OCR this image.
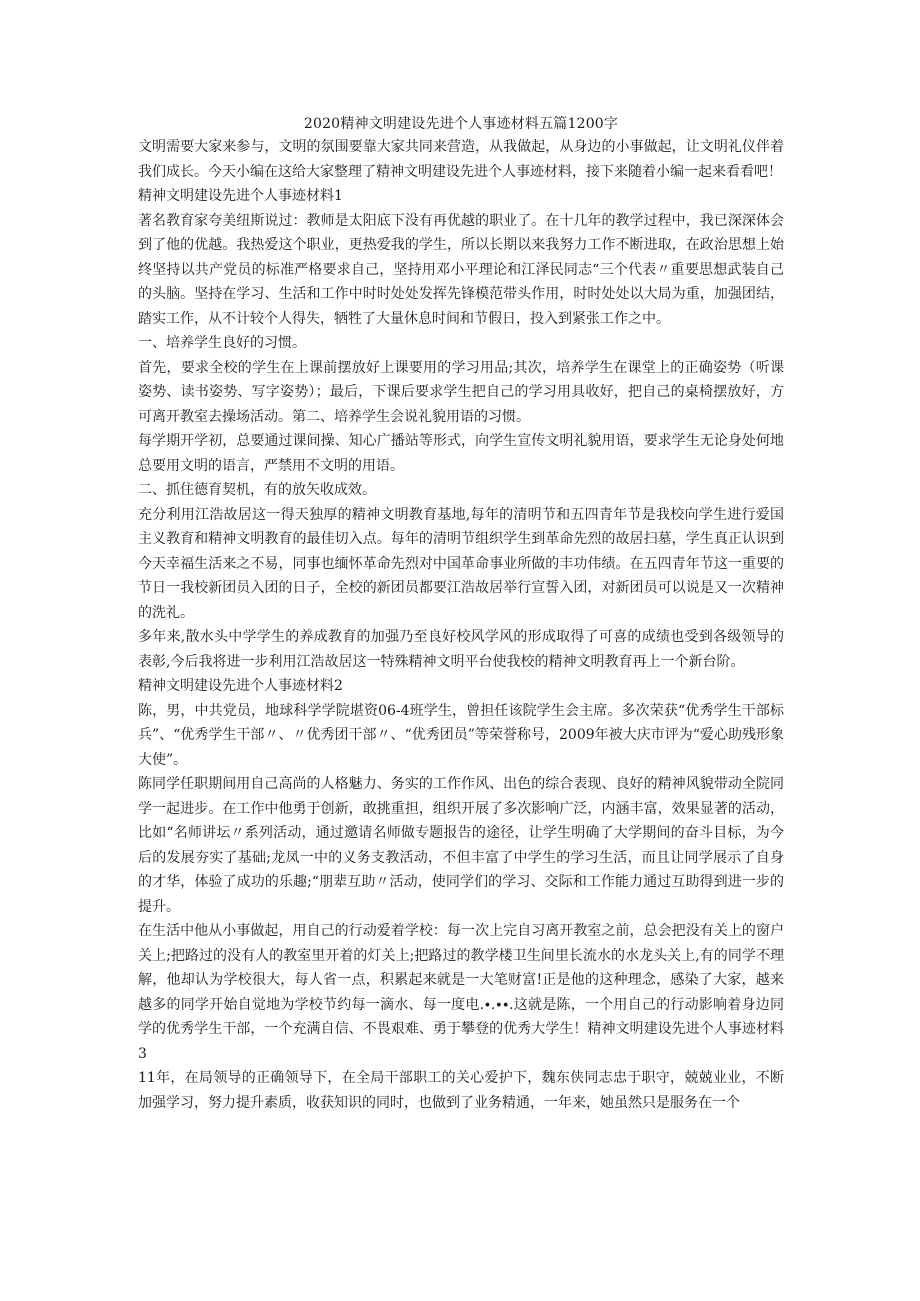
2020精神文明建设先进个人事迹材料五篇1200字

文明需要大家来参与，文明的氛围要靠大家共同来营造，从我做起，从身边的小事做起，让文明礼仪伴着我们成长。今天小编在这给大家整理了精神文明建设先进个人事迹材料，接下来随着小编一起来看看吧！

精神文明建设先进个人事迹材料1

著名教育家夸美纽斯说过：教师是太阳底下没有再优越的职业了。在十几年的教学过程中，我已深深体会到了他的优越。我热爱这个职业，更热爱我的学生，所以长期以来我努力工作不断进取，在政治思想上始终坚持以共产党员的标准严格要求自己，坚持用邓小平理论和江泽民同志“三个代表〃重要思想武装自己的头脑。坚持在学习、生活和工作中时时处处发挥先锋模范带头作用，时时处处以大局为重，加强团结，踏实工作，从不计较个人得失，牺牲了大量休息时间和节假日，投入到紧张工作之中。

一、培养学生良好的习惯。

首先，要求全校的学生在上课前摆放好上课要用的学习用品;其次，培养学生在课堂上的正确姿势（听课姿势、读书姿势、写字姿势）；最后，下课后要求学生把自己的学习用具收好，把自己的桌椅摆放好，方可离开教室去操场活动。第二、培养学生会说礼貌用语的习惯。

每学期开学初，总要通过课间操、知心广播站等形式，向学生宣传文明礼貌用语，要求学生无论身处何地总要用文明的语言，严禁用不文明的用语。

二、抓住德育契机，有的放矢收成效。

充分利用江浩故居这一得天独厚的精神文明教育基地,每年的清明节和五四青年节是我校向学生进行爱国主义教育和精神文明教育的最佳切入点。每年的清明节组织学生到革命先烈的故居扫墓，学生真正认识到今天幸福生活来之不易，同事也缅怀革命先烈对中国革命事业所做的丰功伟绩。在五四青年节这一重要的节日一我校新团员入团的日子，全校的新团员都要江浩故居举行宣誓入团，对新团员可以说是又一次精神的洗礼。

多年来,散水头中学学生的养成教育的加强乃至良好校风学风的形成取得了可喜的成绩也受到各级领导的表彰,今后我将进一步利用江浩故居这一特殊精神文明平台使我校的精神文明教育再上一个新台阶。

精神文明建设先进个人事迹材料2

陈，男，中共党员，地球科学学院堪资06-4班学生，曾担任该院学生会主席。多次荣获“优秀学生干部标兵”、“优秀学生干部〃、〃优秀团干部〃、“优秀团员”等荣誉称号，2009年被大庆市评为“爱心助残形象大使”。

陈同学任职期间用自己高尚的人格魅力、务实的工作作风、出色的综合表现、良好的精神风貌带动全院同学一起进步。在工作中他勇于创新，敢挑重担，组织开展了多次影响广泛，内涵丰富，效果显著的活动，比如“名师讲坛〃系列活动，通过邀请名师做专题报告的途径，让学生明确了大学期间的奋斗目标，为今后的发展夯实了基础;龙凤一中的义务支教活动，不但丰富了中学生的学习生活，而且让同学展示了自身的才华，体验了成功的乐趣;“朋辈互助〃活动，使同学们的学习、交际和工作能力通过互助得到进一步的提升。

在生活中他从小事做起，用自己的行动爱着学校：每一次上完自习离开教室之前，总会把没有关上的窗户关上;把路过的没有人的教室里开着的灯关上;把路过的教学楼卫生间里长流水的水龙头关上,有的同学不理解，他却认为学校很大，每人省一点，积累起来就是一大笔财富!正是他的这种理念，感染了大家，越来越多的同学开始自觉地为学校节约每一滴水、每一度电.∙.∙∙.这就是陈，一个用自己的行动影响着身边同学的优秀学生干部，一个充满自信、不畏艰难、勇于攀登的优秀大学生！精神文明建设先进个人事迹材料3

11年，在局领导的正确领导下，在全局干部职工的关心爱护下，魏东侠同志忠于职守，兢兢业业，不断加强学习，努力提升素质，收获知识的同时，也做到了业务精通，一年来，她虽然只是服务在一个
